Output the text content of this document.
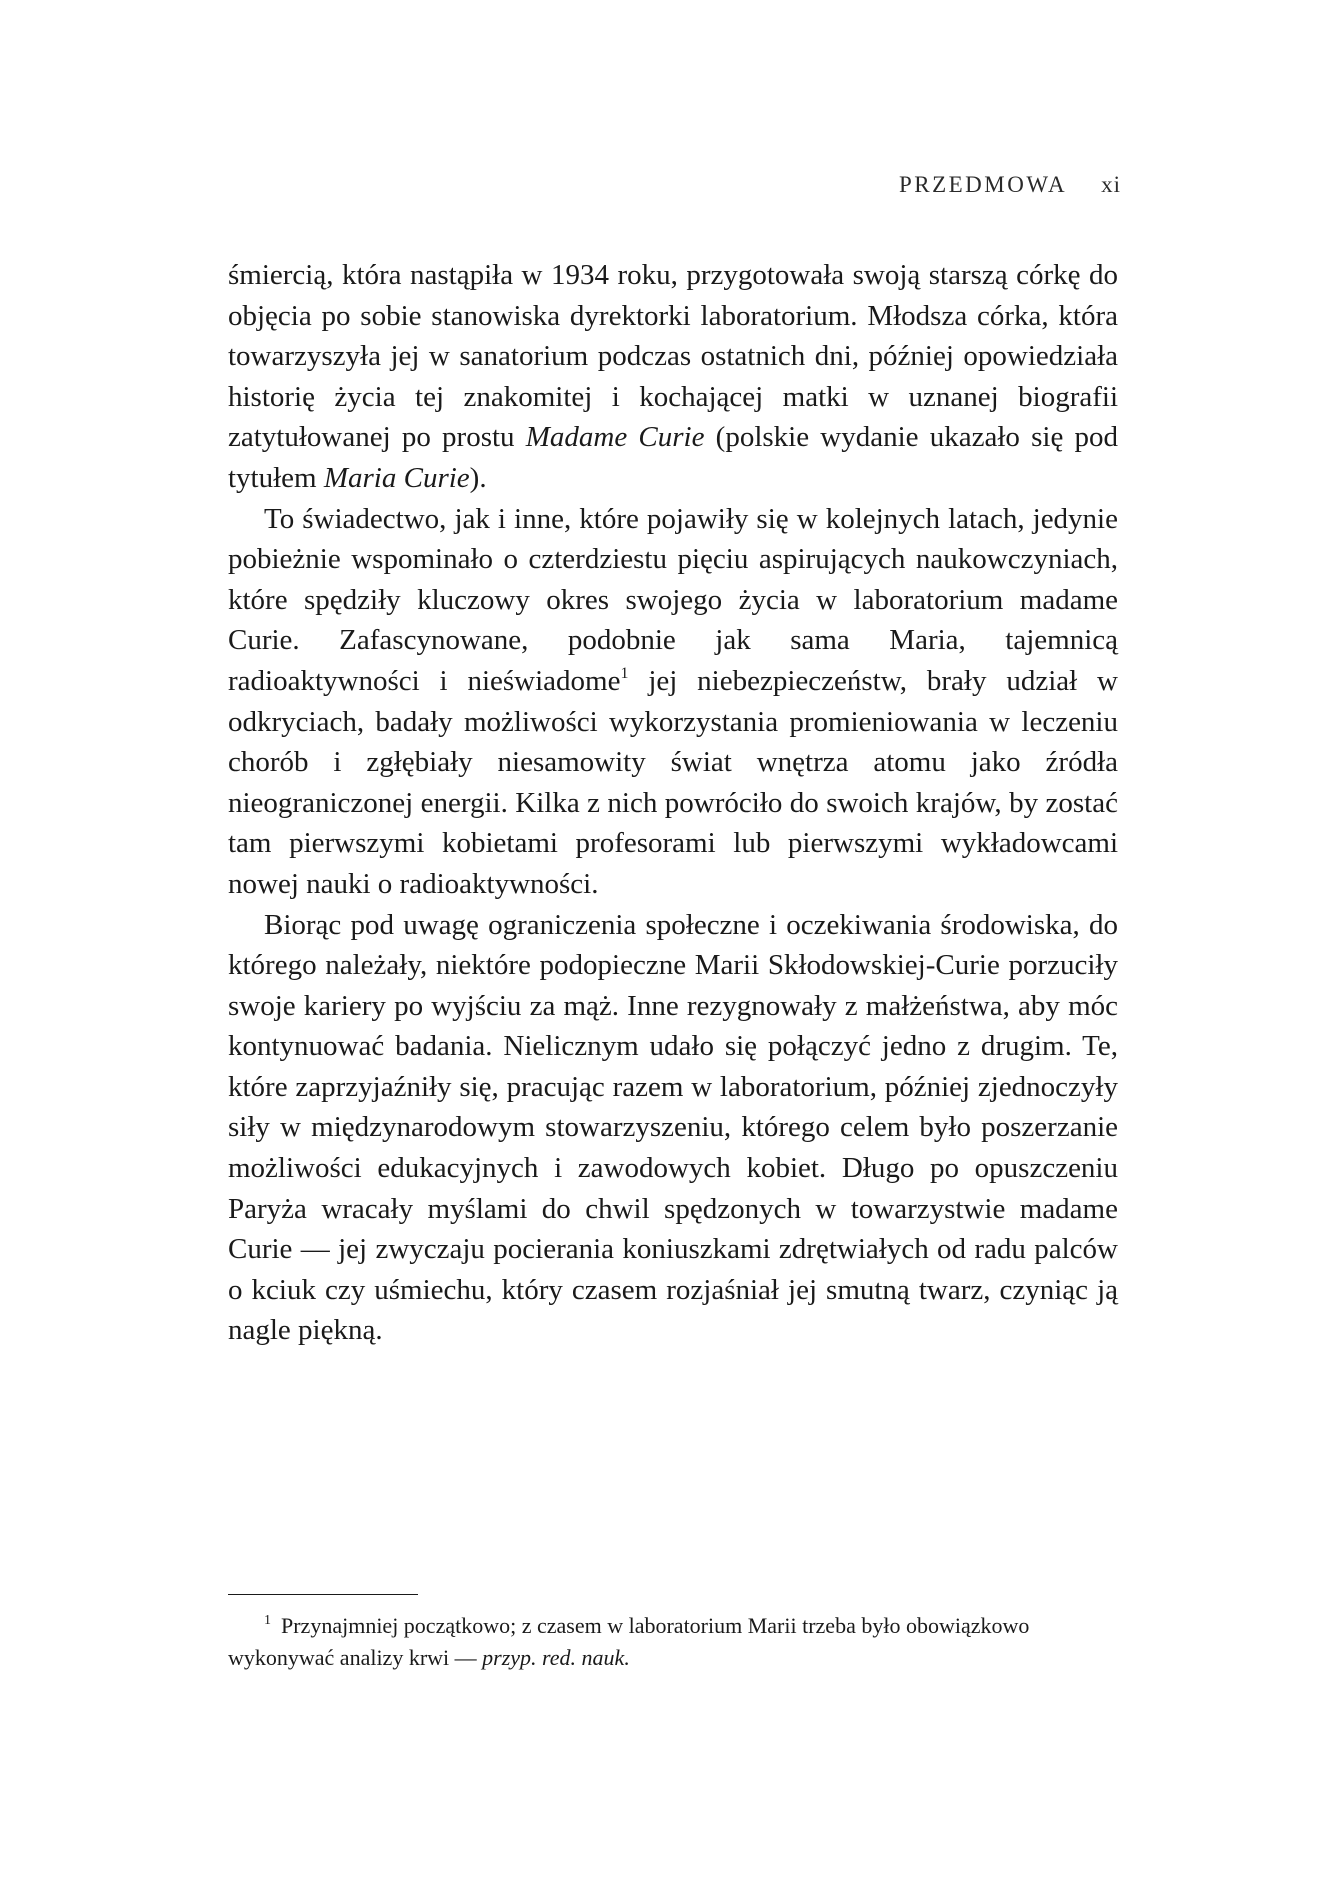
PRZEDMOWA xi

śmiercią, która nastąpiła w 1934 roku, przygotowała swoją starszą córkę do objęcia po sobie stanowiska dyrektorki laboratorium. Młodsza córka, która towarzyszyła jej w sanatorium podczas ostatnich dni, później opowiedziała historię życia tej znakomitej i kochającej matki w uznanej biografii zatytułowanej po prostu Madame Curie (polskie wydanie ukazało się pod tytułem Maria Curie).

To świadectwo, jak i inne, które pojawiły się w kolejnych latach, jedynie pobieżnie wspominało o czterdziestu pięciu aspirujących naukowczyniach, które spędziły kluczowy okres swojego życia w laboratorium madame Curie. Zafascynowane, podobnie jak sama Maria, tajemnicą radioaktywności i nieświadome$^1$ jej niebezpieczeństw, brały udział w odkryciach, badały możliwości wykorzystania promieniowania w leczeniu chorób i zgłębiały niesamowity świat wnętrza atomu jako źródła nieograniczonej energii. Kilka z nich powróciło do swoich krajów, by zostać tam pierwszymi kobietami profesorami lub pierwszymi wykładowcami nowej nauki o radioaktywności.

Biorąc pod uwagę ograniczenia społeczne i oczekiwania środowiska, do którego należały, niektóre podopieczne Marii Skłodowskiej-Curie porzuciły swoje kariery po wyjściu za mąż. Inne rezygnowały z małżeństwa, aby móc kontynuować badania. Nielicznym udało się połączyć jedno z drugim. Te, które zaprzyjaźniły się, pracując razem w laboratorium, później zjednoczyły siły w międzynarodowym stowarzyszeniu, którego celem było poszerzanie możliwości edukacyjnych i zawodowych kobiet. Długo po opuszczeniu Paryża wracały myślami do chwil spędzonych w towarzystwie madame Curie — jej zwyczaju pocierania koniuszkami zdrętwiałych od radu palców o kciuk czy uśmiechu, który czasem rozjaśniał jej smutną twarz, czyniąc ją nagle piękną.

$^1$ Przynajmniej początkowo; z czasem w laboratorium Marii trzeba było obowiązkowo wykonywać analizy krwi — przyp. red. nauk.
